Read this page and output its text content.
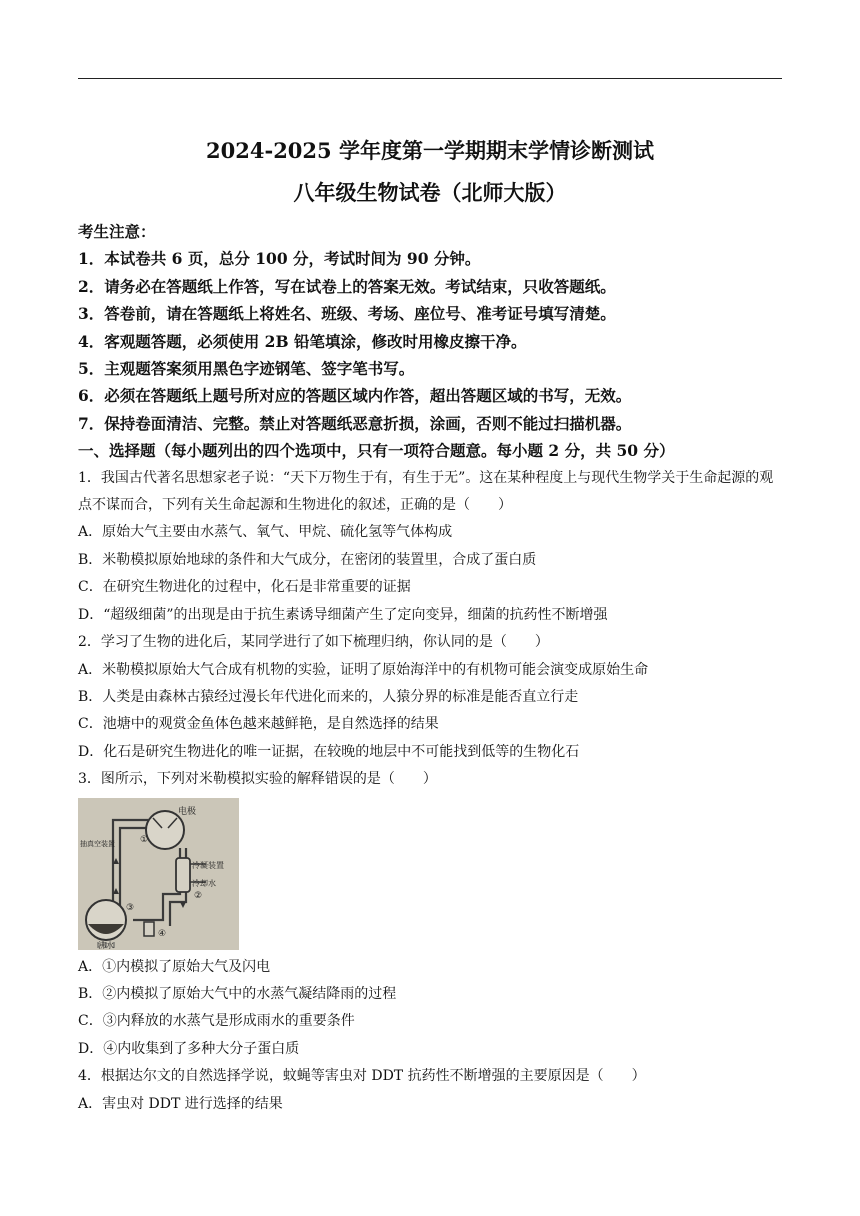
2024-2025 学年度第一学期期末学情诊断测试
八年级生物试卷（北师大版）
考生注意：
1．本试卷共 6 页，总分 100 分，考试时间为 90 分钟。
2．请务必在答题纸上作答，写在试卷上的答案无效。考试结束，只收答题纸。
3．答卷前，请在答题纸上将姓名、班级、考场、座位号、准考证号填写清楚。
4．客观题答题，必须使用 2B 铅笔填涂，修改时用橡皮擦干净。
5．主观题答案须用黑色字迹钢笔、签字笔书写。
6．必须在答题纸上题号所对应的答题区域内作答，超出答题区域的书写，无效。
7．保持卷面清洁、完整。禁止对答题纸恶意折损，涂画，否则不能过扫描机器。
一、选择题（每小题列出的四个选项中，只有一项符合题意。每小题 2 分，共 50 分）
1．我国古代著名思想家老子说：“天下万物生于有，有生于无”。这在某种程度上与现代生物学关于生命起源的观点不谋而合，下列有关生命起源和生物进化的叙述，正确的是（　　）
A．原始大气主要由水蒸气、氧气、甲烷、硫化氢等气体构成
B．米勒模拟原始地球的条件和大气成分，在密闭的装置里，合成了蛋白质
C．在研究生物进化的过程中，化石是非常重要的证据
D．“超级细菌”的出现是由于抗生素诱导细菌产生了定向变异，细菌的抗药性不断增强
2．学习了生物的进化后，某同学进行了如下梳理归纳，你认同的是（　　）
A．米勒模拟原始大气合成有机物的实验，证明了原始海洋中的有机物可能会演变成原始生命
B．人类是由森林古猿经过漫长年代进化而来的，人猿分界的标准是能否直立行走
C．池塘中的观赏金鱼体色越来越鲜艳，是自然选择的结果
D．化石是研究生物进化的唯一证据，在较晚的地层中不可能找到低等的生物化石
3．图所示，下列对米勒模拟实验的解释错误的是（　　）
电极
抽真空装置
冷凝装置
冷却水
沸水
①
②
③
④
A．①内模拟了原始大气及闪电
B．②内模拟了原始大气中的水蒸气凝结降雨的过程
C．③内释放的水蒸气是形成雨水的重要条件
D．④内收集到了多种大分子蛋白质
4．根据达尔文的自然选择学说，蚊蝇等害虫对 DDT 抗药性不断增强的主要原因是（　　）
A．害虫对 DDT 进行选择的结果
